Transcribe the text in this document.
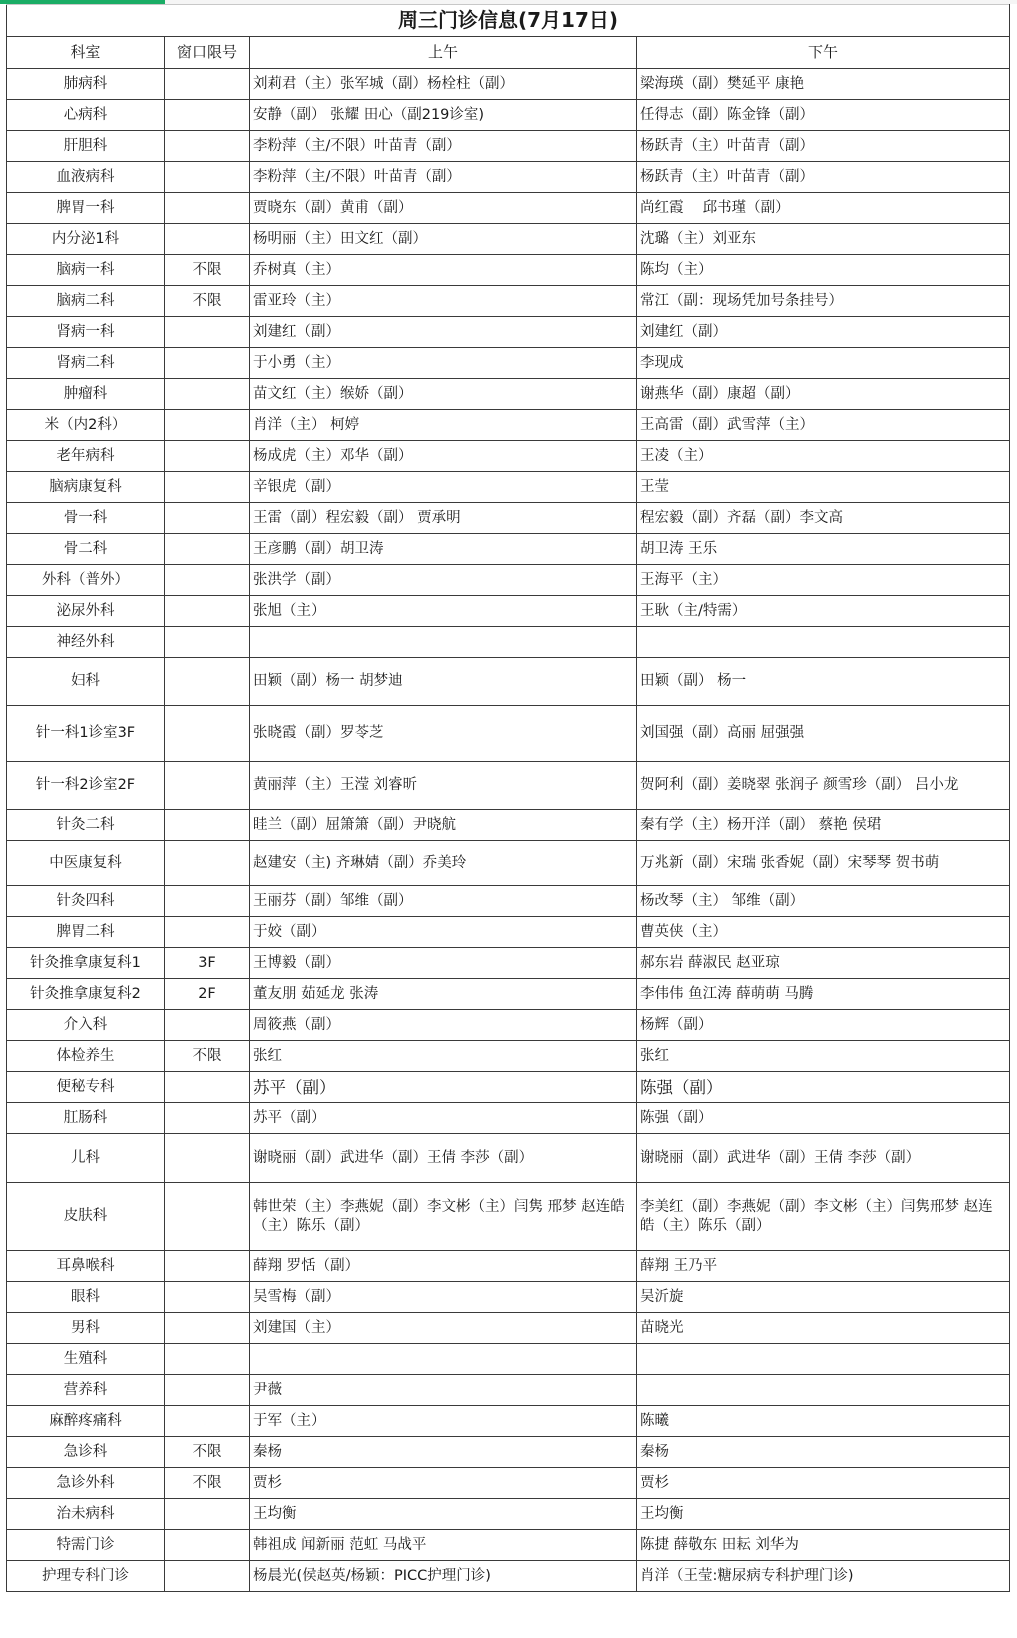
周三门诊信息(7月17日)			
科室	窗口限号	上午	下午
肺病科		刘莉君（主）张军城（副）杨栓柱（副）	梁海瑛（副）樊延平 康艳
心病科		安静（副） 张耀 田心（副219诊室)	任得志（副）陈金锋（副）
肝胆科		李粉萍（主/不限）叶苗青（副）	杨跃青（主）叶苗青（副）
血液病科		李粉萍（主/不限）叶苗青（副）	杨跃青（主）叶苗青（副）
脾胃一科		贾晓东（副）黄甫（副）	尚红霞　 邱书瑾（副）
内分泌1科		杨明丽（主）田文红（副）	沈璐（主）刘亚东
脑病一科	不限	乔树真（主）	陈均（主）
脑病二科	不限	雷亚玲（主）	常江（副：现场凭加号条挂号）
肾病一科		刘建红（副）	刘建红（副）
肾病二科		于小勇（主）	李现成
肿瘤科		苗文红（主）缑娇（副）	谢燕华（副）康超（副）
米（内2科）		肖洋（主） 柯婷	王高雷（副）武雪萍（主）
老年病科		杨成虎（主）邓华（副）	王凌（主）
脑病康复科		辛银虎（副）	王莹
骨一科		王雷（副）程宏毅（副） 贾承明	程宏毅（副）齐磊（副）李文高
骨二科		王彦鹏（副）胡卫涛	胡卫涛 王乐
外科（普外）		张洪学（副）	王海平（主）
泌尿外科		张旭（主）	王耿（主/特需）
神经外科			
妇科		田颖（副）杨一 胡梦迪	田颖（副） 杨一
针一科1诊室3F		张晓霞（副）罗苓芝	刘国强（副）高丽 屈强强
针一科2诊室2F		黄丽萍（主）王滢 刘睿昕	贺阿利（副）姜晓翠 张润子 颜雪珍（副） 吕小龙
针灸二科		眭兰（副）屈箫箫（副）尹晓航	秦有学（主）杨开洋（副） 蔡艳 侯珺
中医康复科		赵建安（主) 齐琳婧（副）乔美玲	万兆新（副）宋瑞 张香妮（副）宋琴琴 贺书萌
针灸四科		王丽芬（副）邹维（副）	杨改琴（主） 邹维（副）
脾胃二科		于姣（副）	曹英侠（主）
针灸推拿康复科1	3F	王博毅（副）	郝东岩 薛淑民 赵亚琼
针灸推拿康复科2	2F	董友朋 茹延龙 张涛	李伟伟 鱼江涛 薛萌萌 马腾
介入科		周筱燕（副）	杨辉（副）
体检养生	不限	张红	张红
便秘专科		苏平（副）	陈强（副）
肛肠科		苏平（副）	陈强（副）
儿科		谢晓丽（副）武进华（副）王倩 李莎（副）	谢晓丽（副）武进华（副）王倩 李莎（副）
皮肤科		韩世荣（主）李燕妮（副）李文彬（主）闫隽 邢梦 赵连皓（主）陈乐（副）	李美红（副）李燕妮（副）李文彬（主）闫隽邢梦 赵连皓（主）陈乐（副）
耳鼻喉科		薛翔 罗恬（副）	薛翔 王乃平
眼科		吴雪梅（副）	吴沂旋
男科		刘建国（主）	苗晓光
生殖科			
营养科		尹薇	
麻醉疼痛科		于军（主）	陈曦
急诊科	不限	秦杨	秦杨
急诊外科	不限	贾杉	贾杉
治未病科		王均衡	王均衡
特需门诊		韩祖成 闻新丽 范虹 马战平	陈捷 薛敬东 田耘 刘华为
护理专科门诊		杨晨光(侯赵英/杨颖：PICC护理门诊)	肖洋（王莹:糖尿病专科护理门诊)
